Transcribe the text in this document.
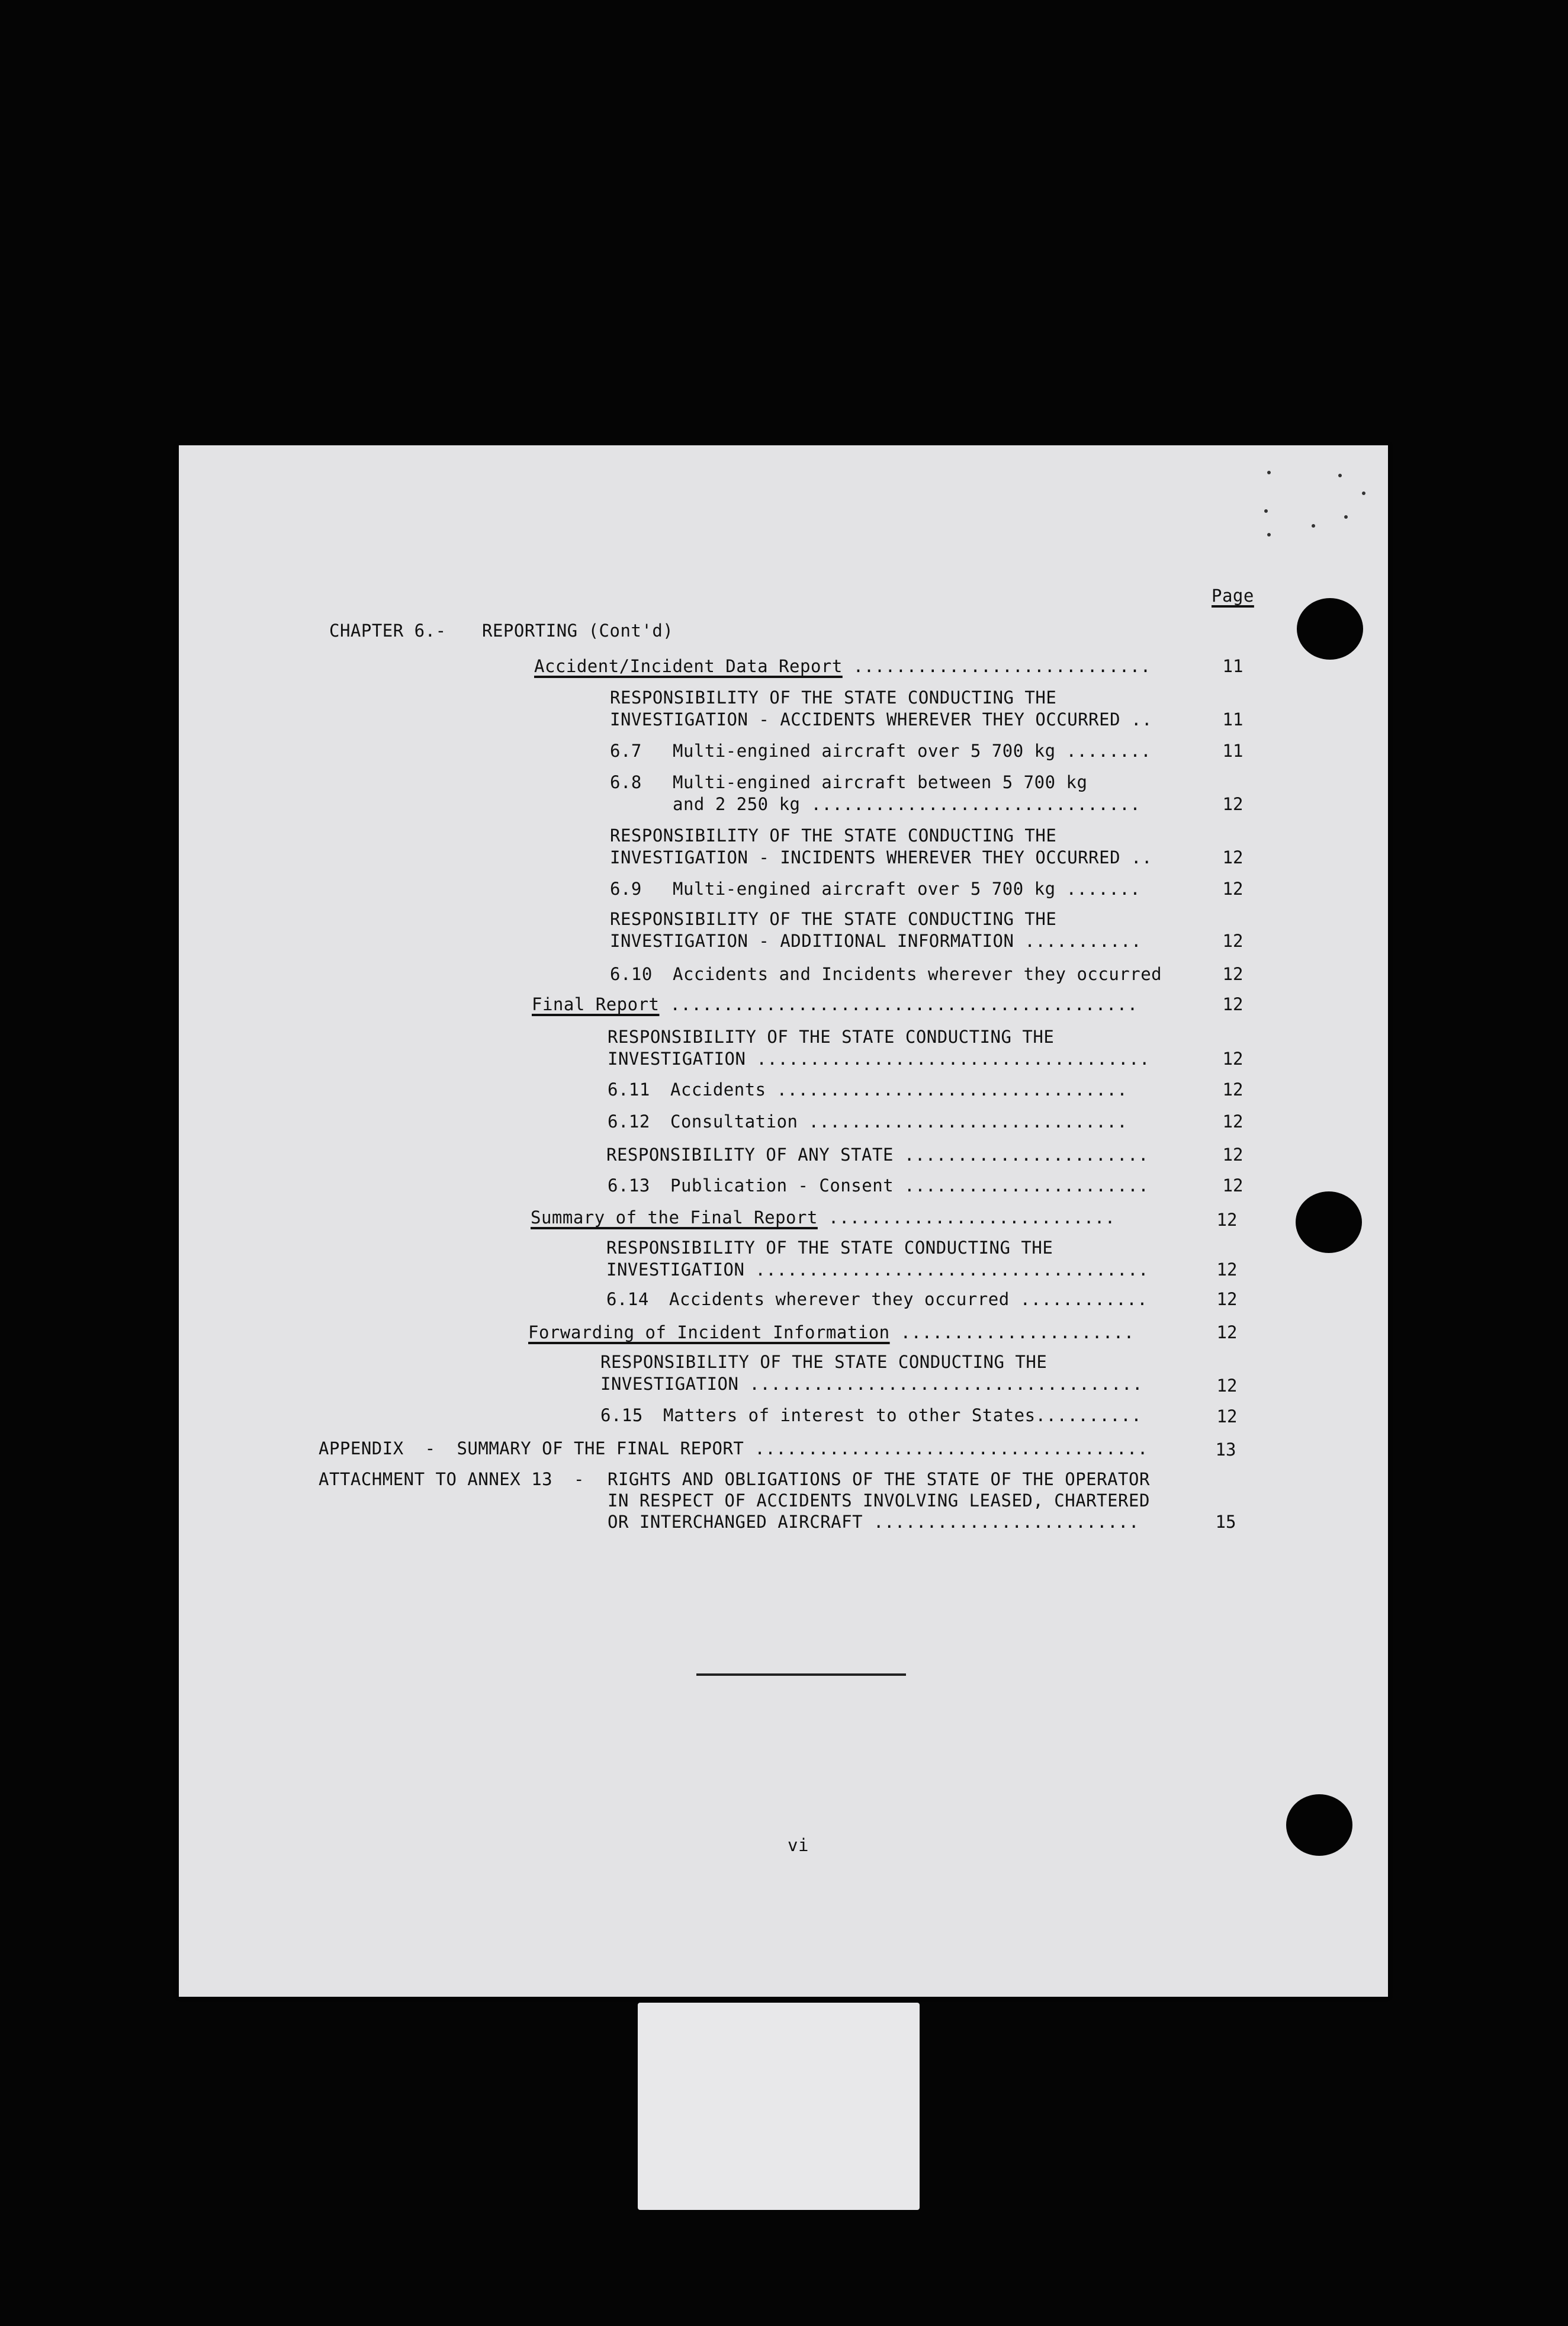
Page
CHAPTER 6.- REPORTING (Cont'd)
Accident/Incident Data Report ............................	11
RESPONSIBILITY OF THE STATE CONDUCTING THE
INVESTIGATION - ACCIDENTS WHEREVER THEY OCCURRED ..	11
6.7 Multi-engined aircraft over 5 700 kg ........	11
6.8 Multi-engined aircraft between 5 700 kg
and 2 250 kg ...............................	12
RESPONSIBILITY OF THE STATE CONDUCTING THE
INVESTIGATION - INCIDENTS WHEREVER THEY OCCURRED ..	12
6.9 Multi-engined aircraft over 5 700 kg .......	12
RESPONSIBILITY OF THE STATE CONDUCTING THE
INVESTIGATION - ADDITIONAL INFORMATION ...........	12
6.10 Accidents and Incidents wherever they occurred	12
Final Report ............................................	12
RESPONSIBILITY OF THE STATE CONDUCTING THE
INVESTIGATION .....................................	12
6.11 Accidents .................................	12
6.12 Consultation ..............................	12
RESPONSIBILITY OF ANY STATE .......................	12
6.13 Publication - Consent .......................	12
Summary of the Final Report ...........................	12
RESPONSIBILITY OF THE STATE CONDUCTING THE
INVESTIGATION .....................................	12
6.14 Accidents wherever they occurred ............	12
Forwarding of Incident Information ......................	12
RESPONSIBILITY OF THE STATE CONDUCTING THE
INVESTIGATION .....................................	12
6.15 Matters of interest to other States..........	12
APPENDIX  -  SUMMARY OF THE FINAL REPORT .....................................	13
ATTACHMENT TO ANNEX 13  - RIGHTS AND OBLIGATIONS OF THE STATE OF THE OPERATOR
IN RESPECT OF ACCIDENTS INVOLVING LEASED, CHARTERED
OR INTERCHANGED AIRCRAFT .........................	15
vi
